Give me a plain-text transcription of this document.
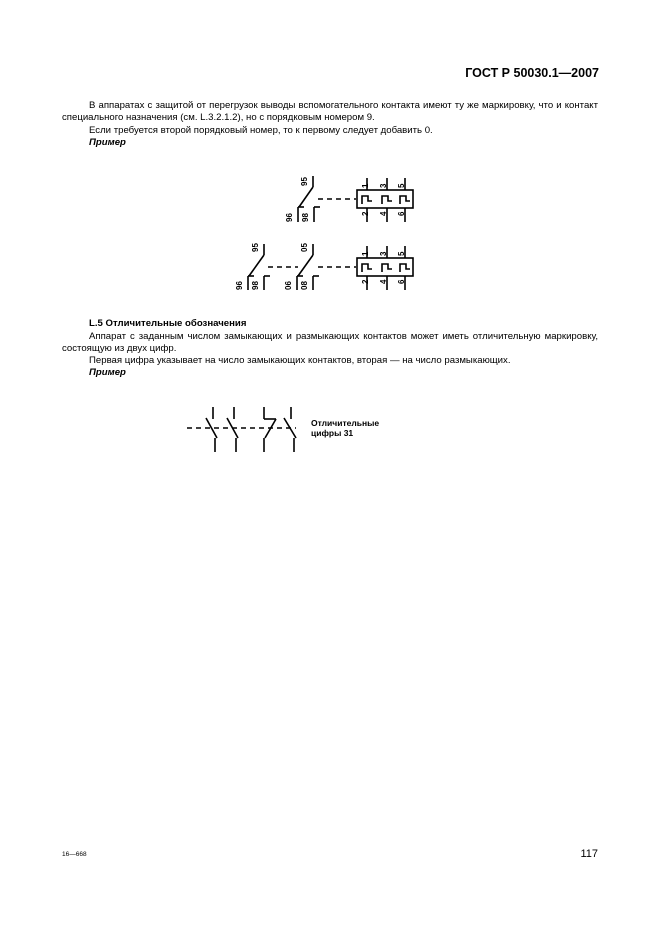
ГОСТ Р 50030.1—2007
В аппаратах с защитой от перегрузок выводы вспомогательного контакта имеют ту же маркировку, что и контакт специального назначения (см. L.3.2.1.2), но с порядковым номером 9.
Если требуется второй порядковый номер, то к первому следует добавить 0.
Пример
95
96 98
1 3 5
2 4 6
95
96 98
05
06 08
1 3 5
2 4 6
L.5 Отличительные обозначения
Аппарат с заданным числом замыкающих и размыкающих контактов может иметь отличительную маркировку, состоящую из двух цифр.
Первая цифра указывает на число замыкающих контактов, вторая — на число размыкающих.
Пример
Отличительные
цифры 31
16—668	117
